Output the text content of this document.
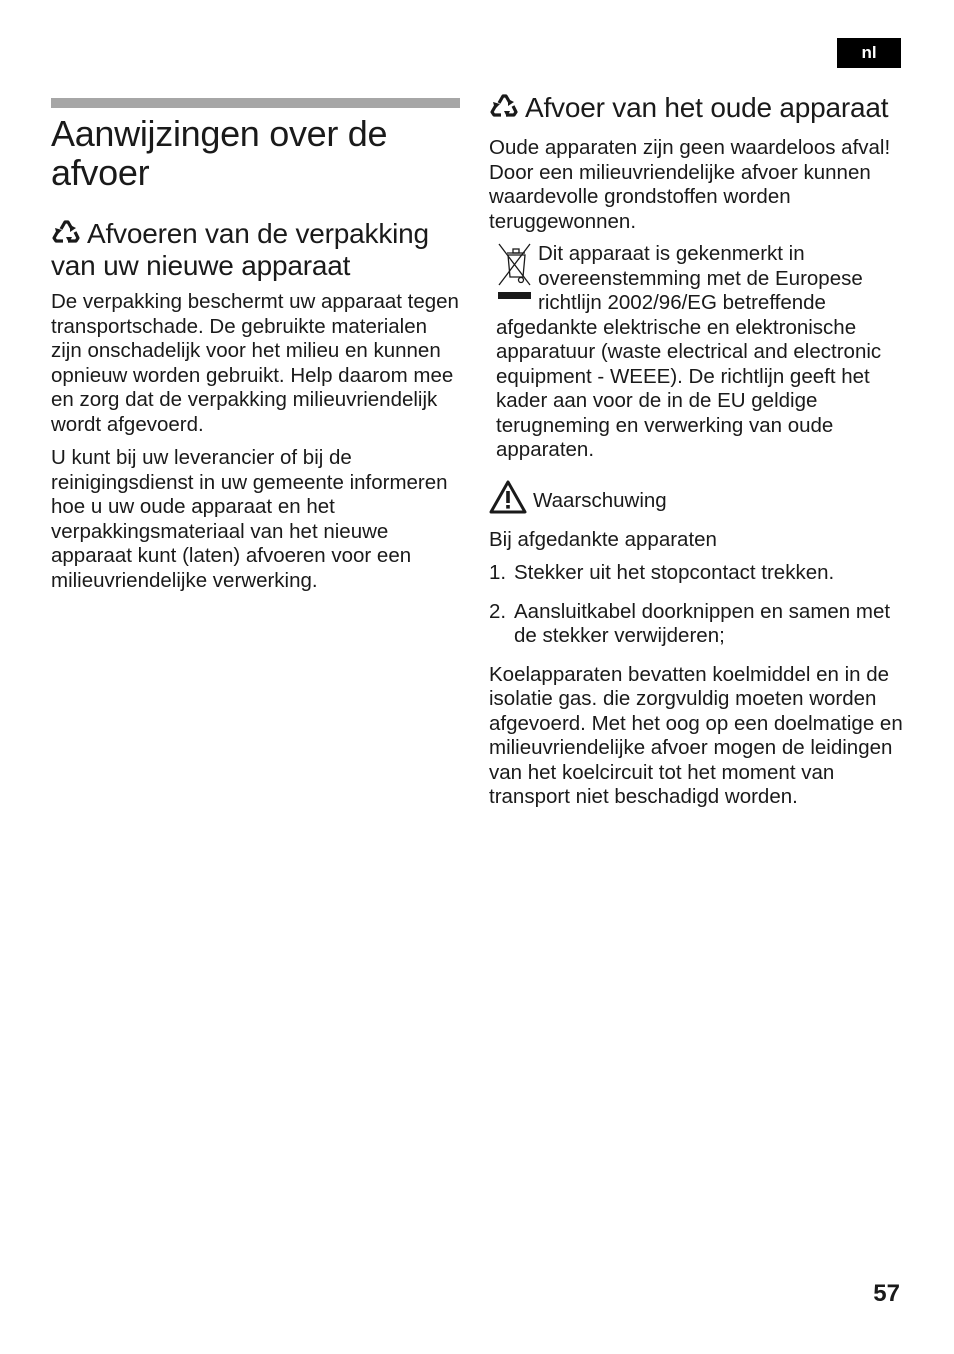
nl
Aanwijzingen over de afvoer
Afvoeren van de verpakking van uw nieuwe apparaat

De verpakking beschermt uw apparaat tegen transportschade. De gebruikte materialen zijn onschadelijk voor het milieu en kunnen opnieuw worden gebruikt. Help daarom mee en zorg dat de verpakking milieuvriendelijk wordt afgevoerd.

U kunt bij uw leverancier of bij de reinigingsdienst in uw gemeente informeren hoe u uw oude apparaat en het verpakkingsmateriaal van het nieuwe apparaat kunt (laten) afvoeren voor een milieuvriendelijke verwerking.

Afvoer van het oude apparaat

Oude apparaten zijn geen waardeloos afval! Door een milieuvriendelijke afvoer kunnen waardevolle grondstoffen worden teruggewonnen.

Dit apparaat is gekenmerkt in overeenstemming met de Europese richtlijn 2002/96/EG betreffende afgedankte elektrische en elektronische apparatuur (waste electrical and electronic equipment - WEEE). De richtlijn geeft het kader aan voor de in de EU geldige terugneming en verwerking van oude apparaten.

Waarschuwing

Bij afgedankte apparaten

1. Stekker uit het stopcontact trekken.
2. Aansluitkabel doorknippen en samen met de stekker verwijderen;

Koelapparaten bevatten koelmiddel en in de isolatie gas. die zorgvuldig moeten worden afgevoerd. Met het oog op een doelmatige en milieuvriendelijke afvoer mogen de leidingen van het koelcircuit tot het moment van transport niet beschadigd worden.

57
